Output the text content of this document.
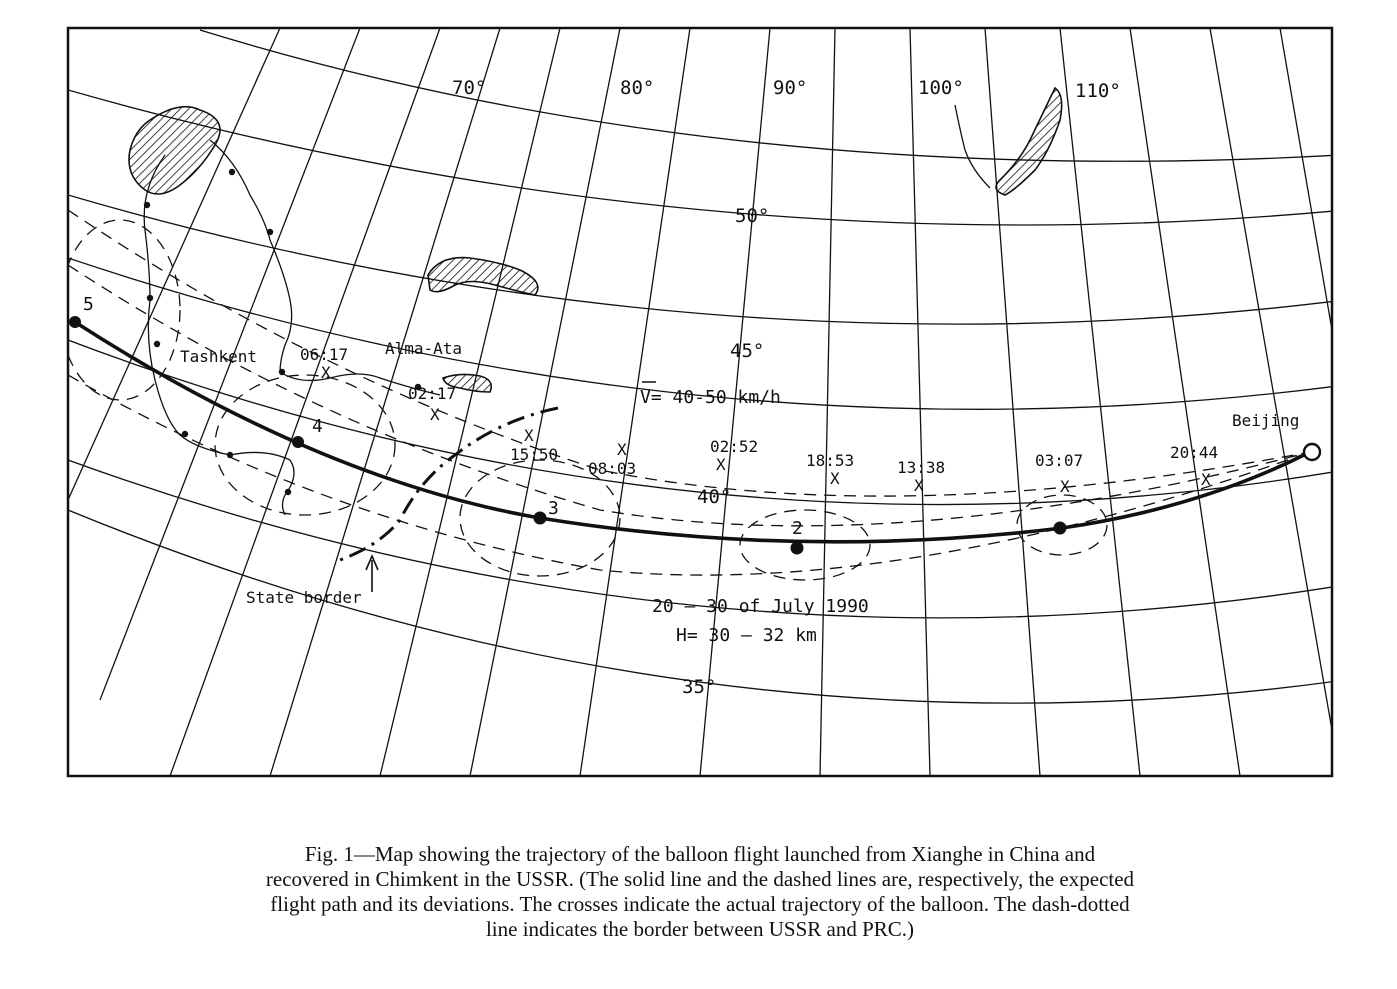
5
4
3
2
70°	80°	90°	100°	110°
50°
45°
40°
35°
Tashkent	Alma-Ata
Beijing
06:17
X
02:17
X
X
15:50	X
08:03
02:52
X	18:53
X
13:38
X
03:07
X
20:44
X
V= 40-50 km/h
20 – 30 of July 1990
H= 30 – 32 km
State border
Fig. 1—Map showing the trajectory of the balloon flight launched from Xianghe in China and
recovered in Chimkent in the USSR. (The solid line and the dashed lines are, respectively, the expected
flight path and its deviations. The crosses indicate the actual trajectory of the balloon. The dash-dotted
line indicates the border between USSR and PRC.)
